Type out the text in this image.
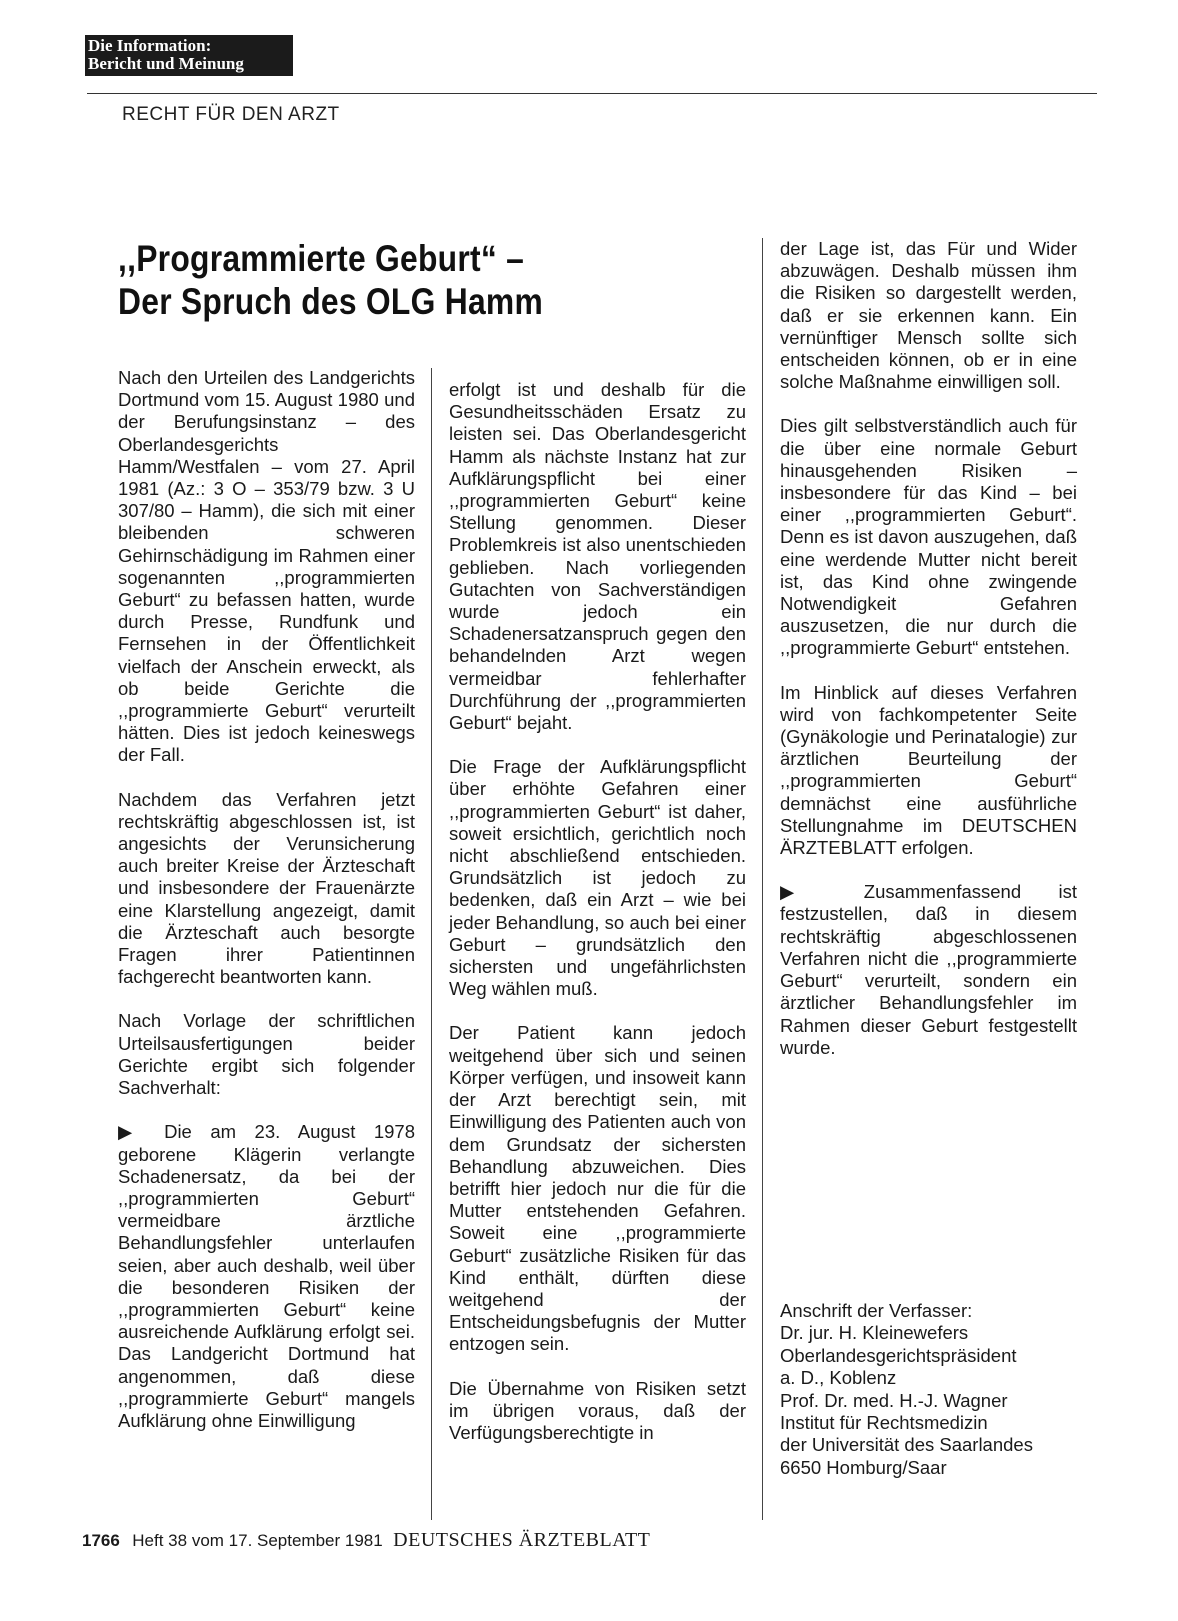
Die Information:
Bericht und Meinung
RECHT FÜR DEN ARZT
,,Programmierte Geburt“ –
Der Spruch des OLG Hamm

Nach den Urteilen des Landgerichts Dortmund vom 15. August 1980 und der Berufungsinstanz – des Oberlandesgerichts Hamm/Westfalen – vom 27. April 1981 (Az.: 3 O – 353/79 bzw. 3 U 307/80 – Hamm), die sich mit einer bleibenden schweren Gehirnschädigung im Rahmen einer sogenannten ,,programmierten Geburt“ zu befassen hatten, wurde durch Presse, Rundfunk und Fernsehen in der Öffentlichkeit vielfach der Anschein erweckt, als ob beide Gerichte die ,,programmierte Geburt“ verurteilt hätten. Dies ist jedoch keineswegs der Fall.

Nachdem das Verfahren jetzt rechtskräftig abgeschlossen ist, ist angesichts der Verunsicherung auch breiter Kreise der Ärzteschaft und insbesondere der Frauenärzte eine Klarstellung angezeigt, damit die Ärzteschaft auch besorgte Fragen ihrer Patientinnen fachgerecht beantworten kann.

Nach Vorlage der schriftlichen Urteilsausfertigungen beider Gerichte ergibt sich folgender Sachverhalt:

▶ Die am 23. August 1978 geborene Klägerin verlangte Schadenersatz, da bei der ,,programmierten Geburt“ vermeidbare ärztliche Behandlungsfehler unterlaufen seien, aber auch deshalb, weil über die besonderen Risiken der ,,programmierten Geburt“ keine ausreichende Aufklärung erfolgt sei. Das Landgericht Dortmund hat angenommen, daß diese ,,programmierte Geburt“ mangels Aufklärung ohne Einwilligung

erfolgt ist und deshalb für die Gesundheitsschäden Ersatz zu leisten sei. Das Oberlandesgericht Hamm als nächste Instanz hat zur Aufklärungspflicht bei einer ,,programmierten Geburt“ keine Stellung genommen. Dieser Problemkreis ist also unentschieden geblieben. Nach vorliegenden Gutachten von Sachverständigen wurde jedoch ein Schadenersatzanspruch gegen den behandelnden Arzt wegen vermeidbar fehlerhafter Durchführung der ,,programmierten Geburt“ bejaht.

Die Frage der Aufklärungspflicht über erhöhte Gefahren einer ,,programmierten Geburt“ ist daher, soweit ersichtlich, gerichtlich noch nicht abschließend entschieden. Grundsätzlich ist jedoch zu bedenken, daß ein Arzt – wie bei jeder Behandlung, so auch bei einer Geburt – grundsätzlich den sichersten und ungefährlichsten Weg wählen muß.

Der Patient kann jedoch weitgehend über sich und seinen Körper verfügen, und insoweit kann der Arzt berechtigt sein, mit Einwilligung des Patienten auch von dem Grundsatz der sichersten Behandlung abzuweichen. Dies betrifft hier jedoch nur die für die Mutter entstehenden Gefahren. Soweit eine ,,programmierte Geburt“ zusätzliche Risiken für das Kind enthält, dürften diese weitgehend der Entscheidungsbefugnis der Mutter entzogen sein.

Die Übernahme von Risiken setzt im übrigen voraus, daß der Verfügungsberechtigte in

der Lage ist, das Für und Wider abzuwägen. Deshalb müssen ihm die Risiken so dargestellt werden, daß er sie erkennen kann. Ein vernünftiger Mensch sollte sich entscheiden können, ob er in eine solche Maßnahme einwilligen soll.

Dies gilt selbstverständlich auch für die über eine normale Geburt hinausgehenden Risiken – insbesondere für das Kind – bei einer ,,programmierten Geburt“. Denn es ist davon auszugehen, daß eine werdende Mutter nicht bereit ist, das Kind ohne zwingende Notwendigkeit Gefahren auszusetzen, die nur durch die ,,programmierte Geburt“ entstehen.

Im Hinblick auf dieses Verfahren wird von fachkompetenter Seite (Gynäkologie und Perinatalogie) zur ärztlichen Beurteilung der ,,programmierten Geburt“ demnächst eine ausführliche Stellungnahme im DEUTSCHEN ÄRZTEBLATT erfolgen.

▶ Zusammenfassend ist festzustellen, daß in diesem rechtskräftig abgeschlossenen Verfahren nicht die ,,programmierte Geburt“ verurteilt, sondern ein ärztlicher Behandlungsfehler im Rahmen dieser Geburt festgestellt wurde.

Anschrift der Verfasser:
Dr. jur. H. Kleinewefers
Oberlandesgerichtspräsident
a. D., Koblenz
Prof. Dr. med. H.-J. Wagner
Institut für Rechtsmedizin
der Universität des Saarlandes
6650 Homburg/Saar
1766 Heft 38 vom 17. September 1981 DEUTSCHES ÄRZTEBLATT
